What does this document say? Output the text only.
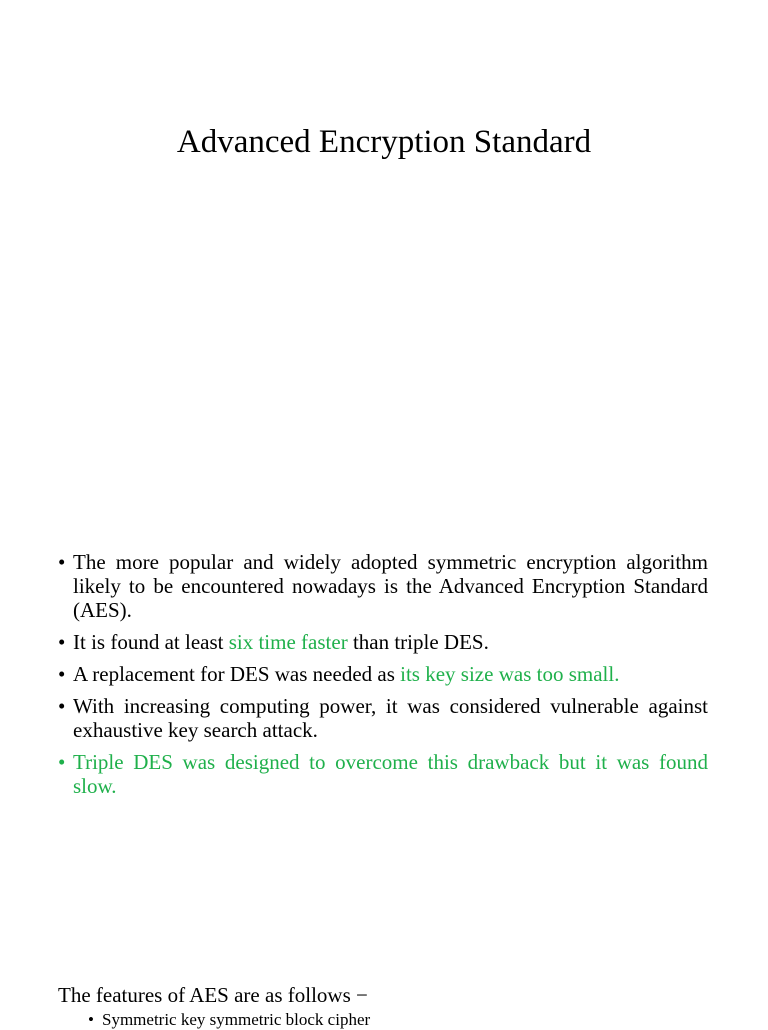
Advanced Encryption Standard
• The more popular and widely adopted symmetric encryption algorithm likely to be encountered nowadays is the Advanced Encryption Standard (AES).
• It is found at least six time faster than triple DES.
• A replacement for DES was needed as its key size was too small.
• With increasing computing power, it was considered vulnerable against exhaustive key search attack.
• Triple DES was designed to overcome this drawback but it was found slow.

The features of AES are as follows −

• Symmetric key symmetric block cipher
